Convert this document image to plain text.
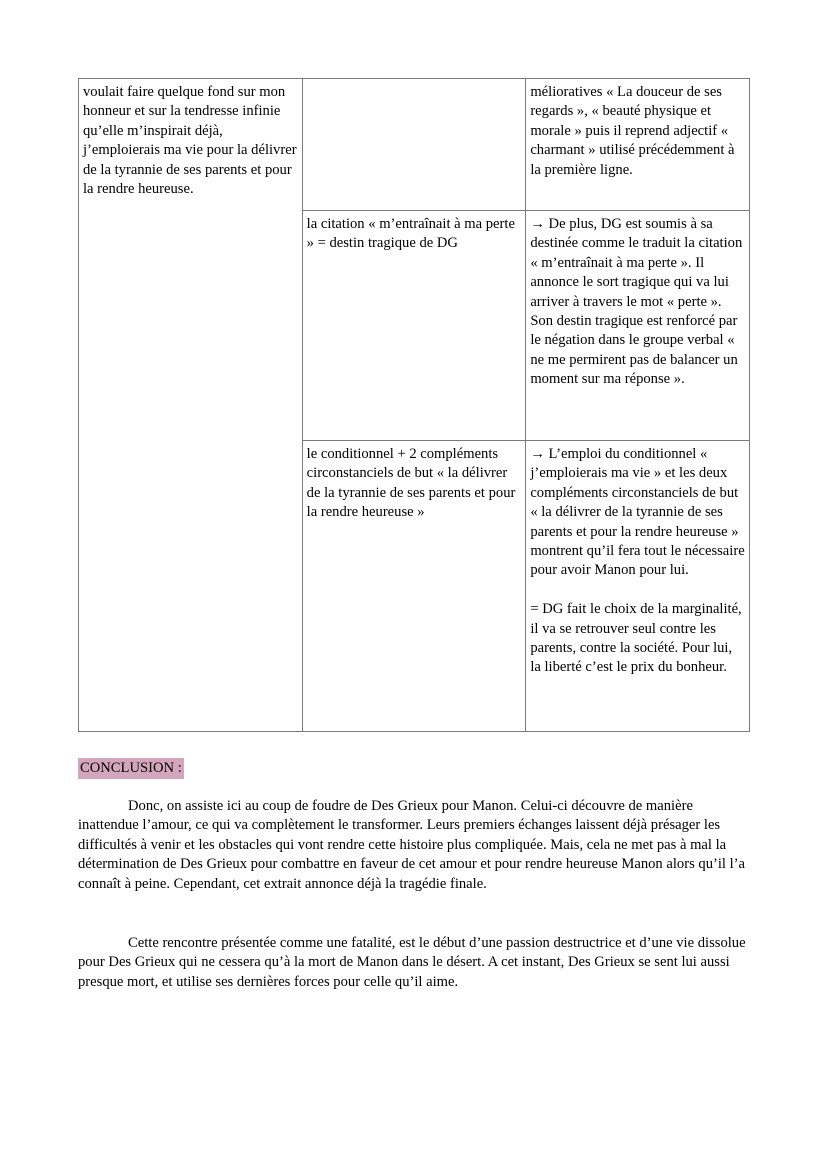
voulait faire quelque fond sur mon honneur et sur la tendresse infinie qu’elle m’inspirait déjà, j’emploierais ma vie pour la délivrer de la tyrannie de ses parents et pour la rendre heureuse.		mélioratives « La douceur de ses regards », « beauté physique et morale » puis il reprend adjectif « charmant » utilisé précédemment à la première ligne.

	la citation « m’entraînait à ma perte » = destin tragique de DG	→ De plus, DG est soumis à sa destinée comme le traduit la citation « m’entraînait à ma perte ». Il annonce le sort tragique qui va lui arriver à travers le mot « perte ».
Son destin tragique est renforcé par le négation dans le groupe verbal « ne me permirent pas de balancer un moment sur ma réponse ».

	le conditionnel + 2 compléments circonstanciels de but « la délivrer de la tyrannie de ses parents et pour la rendre heureuse »	→ L’emploi du conditionnel « j’emploierais ma vie » et les deux compléments circonstanciels de but « la délivrer de la tyrannie de ses parents et pour la rendre heureuse » montrent qu’il fera tout le nécessaire pour avoir Manon pour lui.
= DG fait le choix de la marginalité, il va se retrouver seul contre les parents, contre la société. Pour lui, la liberté c’est le prix du bonheur.
CONCLUSION :

Donc, on assiste ici au coup de foudre de Des Grieux pour Manon. Celui-ci découvre de manière inattendue l’amour, ce qui va complètement le transformer. Leurs premiers échanges laissent déjà présager les difficultés à venir et les obstacles qui vont rendre cette histoire plus compliquée. Mais, cela ne met pas à mal la détermination de Des Grieux pour combattre en faveur de cet amour et pour rendre heureuse Manon alors qu’il l’a connaît à peine. Cependant, cet extrait annonce déjà la tragédie finale.

Cette rencontre présentée comme une fatalité, est le début d’une passion destructrice et d’une vie dissolue pour Des Grieux qui ne cessera qu’à la mort de Manon dans le désert. A cet instant, Des Grieux se sent lui aussi presque mort, et utilise ses dernières forces pour celle qu’il aime.
